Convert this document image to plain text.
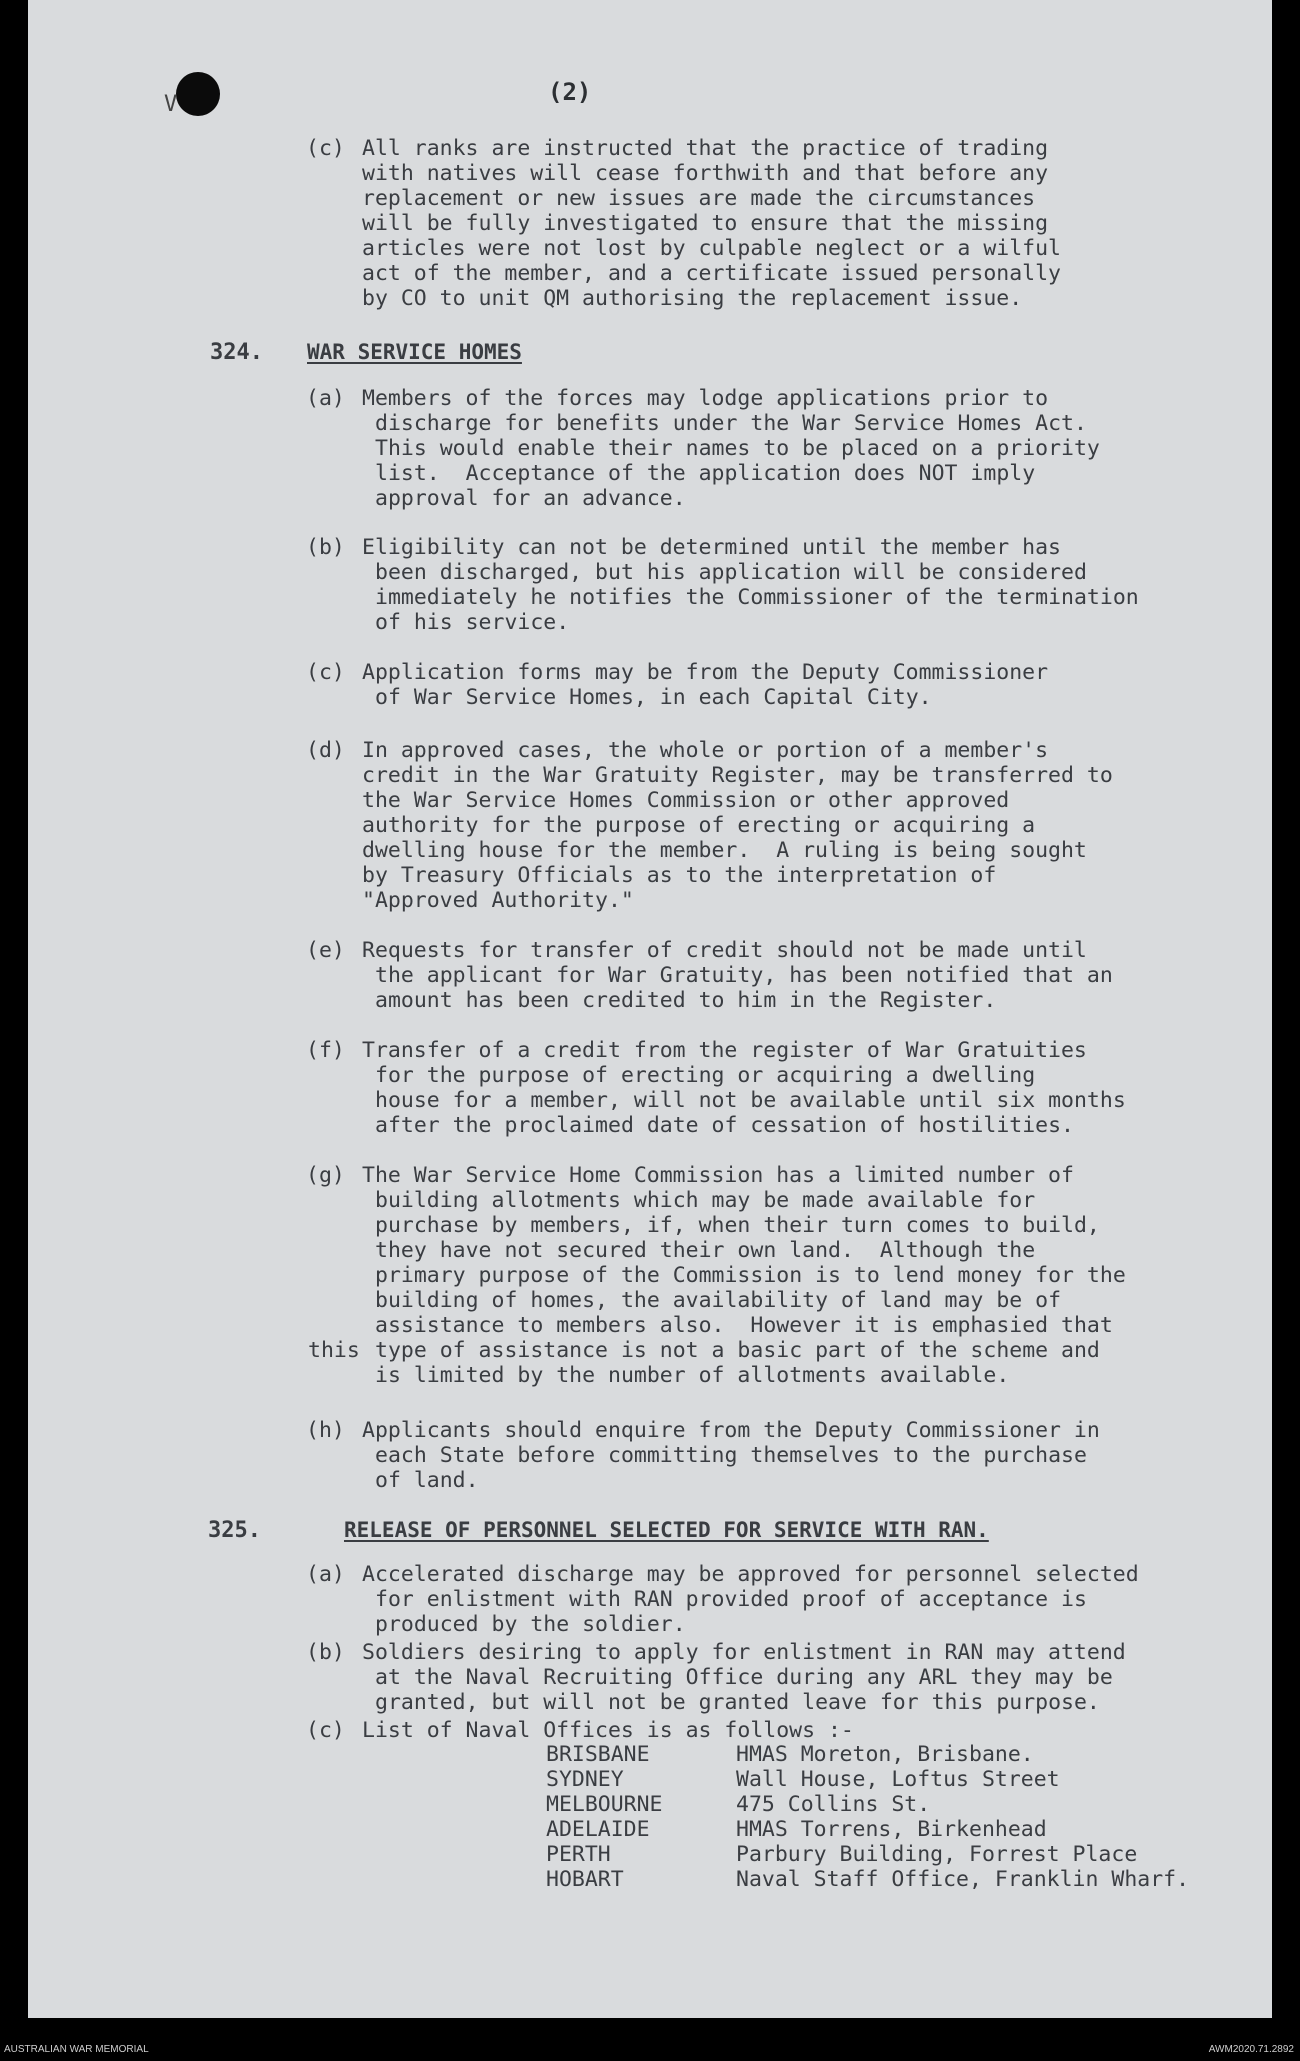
V	(2)
(c) All ranks are instructed that the practice of trading
with natives will cease forthwith and that before any
replacement or new issues are made the circumstances
will be fully investigated to ensure that the missing
articles were not lost by culpable neglect or a wilful
act of the member, and a certificate issued personally
by CO to unit QM authorising the replacement issue.
324. WAR SERVICE HOMES
(a) Members of the forces may lodge applications prior to
discharge for benefits under the War Service Homes Act.
This would enable their names to be placed on a priority
list.  Acceptance of the application does NOT imply
approval for an advance.
(b) Eligibility can not be determined until the member has
been discharged, but his application will be considered
immediately he notifies the Commissioner of the termination
of his service.
(c) Application forms may be from the Deputy Commissioner
of War Service Homes, in each Capital City.
(d) In approved cases, the whole or portion of a member's
credit in the War Gratuity Register, may be transferred to
the War Service Homes Commission or other approved
authority for the purpose of erecting or acquiring a
dwelling house for the member.  A ruling is being sought
by Treasury Officials as to the interpretation of
"Approved Authority."
(e) Requests for transfer of credit should not be made until
the applicant for War Gratuity, has been notified that an
amount has been credited to him in the Register.
(f) Transfer of a credit from the register of War Gratuities
for the purpose of erecting or acquiring a dwelling
house for a member, will not be available until six months
after the proclaimed date of cessation of hostilities.
(g) The War Service Home Commission has a limited number of
building allotments which may be made available for
purchase by members, if, when their turn comes to build,
they have not secured their own land.  Although the
primary purpose of the Commission is to lend money for the
building of homes, the availability of land may be of
assistance to members also.  However it is emphasied that
type of assistance is not a basic part of the scheme and
is limited by the number of allotments available.
this
(h) Applicants should enquire from the Deputy Commissioner in
each State before committing themselves to the purchase
of land.
325.	RELEASE OF PERSONNEL SELECTED FOR SERVICE WITH RAN.
(a) Accelerated discharge may be approved for personnel selected
for enlistment with RAN provided proof of acceptance is
produced by the soldier.
(b) Soldiers desiring to apply for enlistment in RAN may attend
at the Naval Recruiting Office during any ARL they may be
granted, but will not be granted leave for this purpose.
(c) List of Naval Offices is as follows :-
BRISBANE	HMAS Moreton, Brisbane.
SYDNEY	Wall House, Loftus Street
MELBOURNE	475 Collins St.
ADELAIDE	HMAS Torrens, Birkenhead
PERTH	Parbury Building, Forrest Place
HOBART	Naval Staff Office, Franklin Wharf.
AUSTRALIAN WAR MEMORIAL	AWM2020.71.2892
